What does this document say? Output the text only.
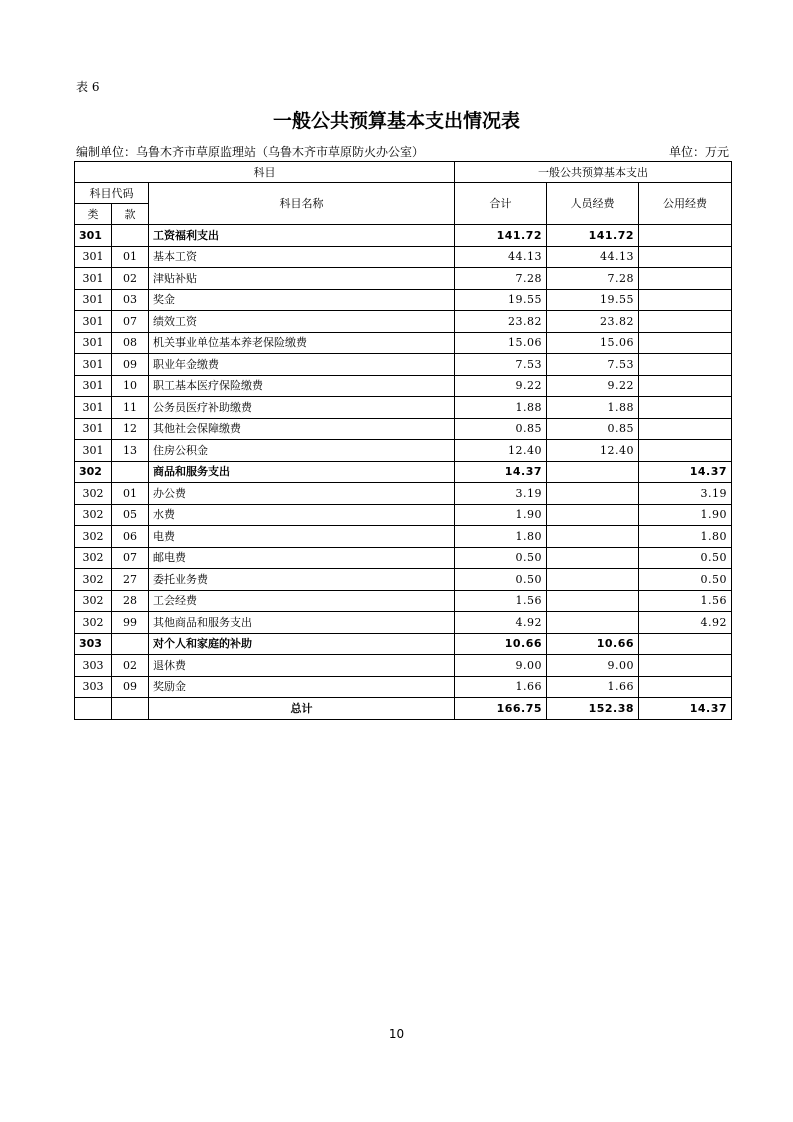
表 6
一般公共预算基本支出情况表
编制单位：乌鲁木齐市草原监理站（乌鲁木齐市草原防火办公室）	单位：万元
科目			一般公共预算基本支出		
科目代码		科目名称	合计	人员经费	公用经费
类	款				
301		工资福利支出	141.72	141.72	
301	01	基本工资	44.13	44.13	
301	02	津贴补贴	7.28	7.28	
301	03	奖金	19.55	19.55	
301	07	绩效工资	23.82	23.82	
301	08	机关事业单位基本养老保险缴费	15.06	15.06	
301	09	职业年金缴费	7.53	7.53	
301	10	职工基本医疗保险缴费	9.22	9.22	
301	11	公务员医疗补助缴费	1.88	1.88	
301	12	其他社会保障缴费	0.85	0.85	
301	13	住房公积金	12.40	12.40	
302		商品和服务支出	14.37		14.37
302	01	办公费	3.19		3.19
302	05	水费	1.90		1.90
302	06	电费	1.80		1.80
302	07	邮电费	0.50		0.50
302	27	委托业务费	0.50		0.50
302	28	工会经费	1.56		1.56
302	99	其他商品和服务支出	4.92		4.92
303		对个人和家庭的补助	10.66	10.66	
303	02	退休费	9.00	9.00	
303	09	奖励金	1.66	1.66	
		总计	166.75	152.38	14.37
10
